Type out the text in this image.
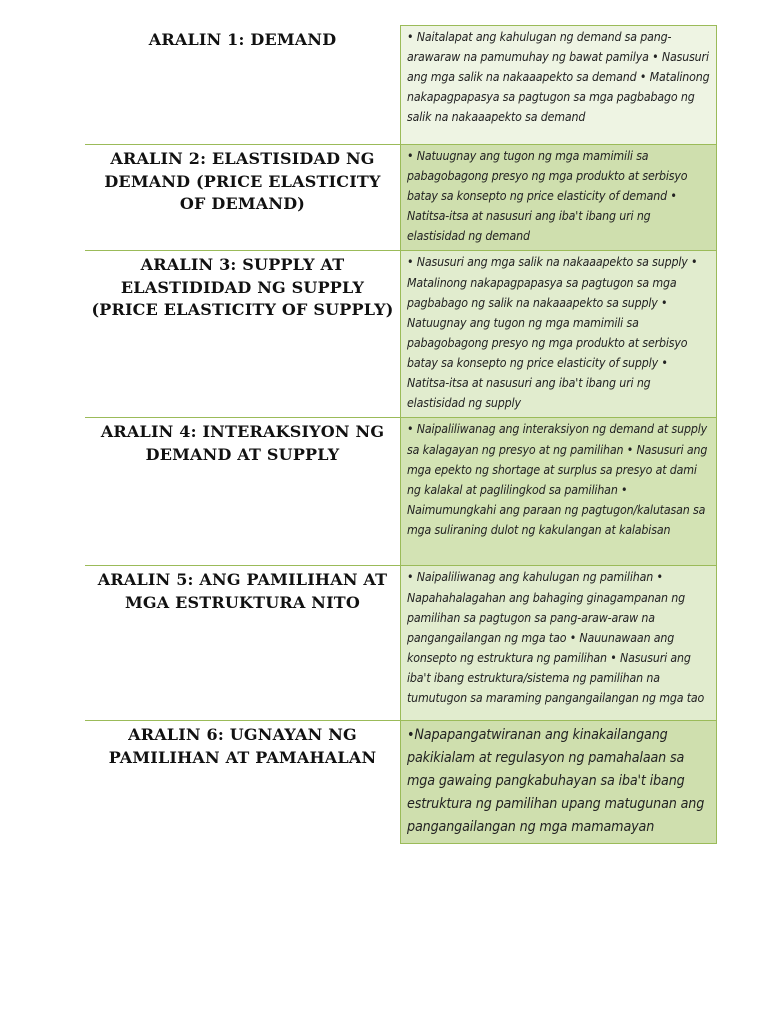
ARALIN 1: DEMAND	• Naitalapat ang kahulugan ng demand sa pang-arawaraw na pamumuhay ng bawat pamilya • Nasusuri ang mga salik na nakaaapekto sa demand • Matalinong nakapagpapasya sa pagtugon sa mga pagbabago ng salik na nakaaapekto sa demand

ARALIN 2: ELASTISIDAD NG DEMAND (PRICE ELASTICITY OF DEMAND)	• Natuugnay ang tugon ng mga mamimili sa pabagobagong presyo ng mga produkto at serbisyo batay sa konsepto ng price elasticity of demand • Natitsa-itsa at nasusuri ang iba't ibang uri ng elastisidad ng demand

ARALIN 3: SUPPLY AT ELASTIDIDAD NG SUPPLY (PRICE ELASTICITY OF SUPPLY)	• Nasusuri ang mga salik na nakaaapekto sa supply • Matalinong nakapagpapasya sa pagtugon sa mga pagbabago ng salik na nakaaapekto sa supply • Natuugnay ang tugon ng mga mamimili sa pabagobagong presyo ng mga produkto at serbisyo batay sa konsepto ng price elasticity of supply • Natitsa-itsa at nasusuri ang iba't ibang uri ng elastisidad ng supply

ARALIN 4: INTERAKSIYON NG DEMAND AT SUPPLY	• Naipaliliwanag ang interaksiyon ng demand at supply sa kalagayan ng presyo at ng pamilihan • Nasusuri ang mga epekto ng shortage at surplus sa presyo at dami ng kalakal at paglilingkod sa pamilihan • Naimumungkahi ang paraan ng pagtugon/kalutasan sa mga suliraning dulot ng kakulangan at kalabisan

ARALIN 5: ANG PAMILIHAN AT MGA ESTRUKTURA NITO	• Naipaliliwanag ang kahulugan ng pamilihan • Napahahalagahan ang bahaging ginagampanan ng pamilihan sa pagtugon sa pang-araw-araw na pangangailangan ng mga tao • Nauunawaan ang konsepto ng estruktura ng pamilihan • Nasusuri ang iba't ibang estruktura/sistema ng pamilihan na tumutugon sa maraming pangangailangan ng mga tao

ARALIN 6: UGNAYAN NG PAMILIHAN AT PAMAHALAN	•Napapangatwiranan ang kinakailangang pakikialam at regulasyon ng pamahalaan sa mga gawaing pangkabuhayan sa iba't ibang estruktura ng pamilihan upang matugunan ang pangangailangan ng mga mamamayan
